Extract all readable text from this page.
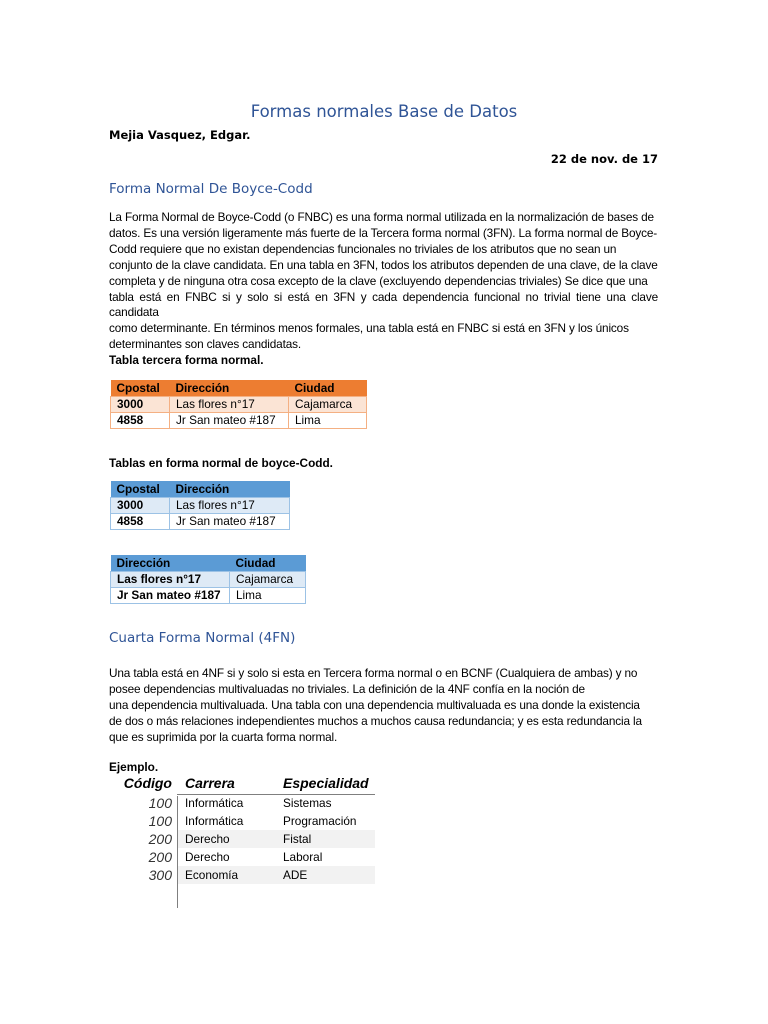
Formas normales Base de Datos
Mejia Vasquez, Edgar.
22 de nov. de 17
Forma Normal De Boyce-Codd
La Forma Normal de Boyce-Codd (o FNBC) es una forma normal utilizada en la normalización de bases de
datos. Es una versión ligeramente más fuerte de la Tercera forma normal (3FN). La forma normal de Boyce-
Codd requiere que no existan dependencias funcionales no triviales de los atributos que no sean un
conjunto de la clave candidata. En una tabla en 3FN, todos los atributos dependen de una clave, de la clave
completa y de ninguna otra cosa excepto de la clave (excluyendo dependencias triviales) Se dice que una
tabla está en FNBC si y solo si está en 3FN y cada dependencia funcional no trivial tiene una clave candidata
como determinante. En términos menos formales, una tabla está en FNBC si está en 3FN y los únicos
determinantes son claves candidatas.
Tabla tercera forma normal.
Cpostal	Dirección	Ciudad
3000	Las flores n°17	Cajamarca
4858	Jr San mateo #187	Lima
Tablas en forma normal de boyce-Codd.
Cpostal	Dirección
3000	Las flores n°17
4858	Jr San mateo #187
Dirección	Ciudad
Las flores n°17	Cajamarca
Jr San mateo #187	Lima
Cuarta Forma Normal (4FN)
Una tabla está en 4NF si y solo si esta en Tercera forma normal o en BCNF (Cualquiera de ambas) y no
posee dependencias multivaluadas no triviales. La definición de la 4NF confía en la noción de
una dependencia multivaluada. Una tabla con una dependencia multivaluada es una donde la existencia
de dos o más relaciones independientes muchos a muchos causa redundancia; y es esta redundancia la
que es suprimida por la cuarta forma normal.
Ejemplo.
Código Carrera	Especialidad
100 Informática	Sistemas
100 Informática	Programación
200 Derecho	Fistal
200 Derecho	Laboral
300 Economía	ADE
